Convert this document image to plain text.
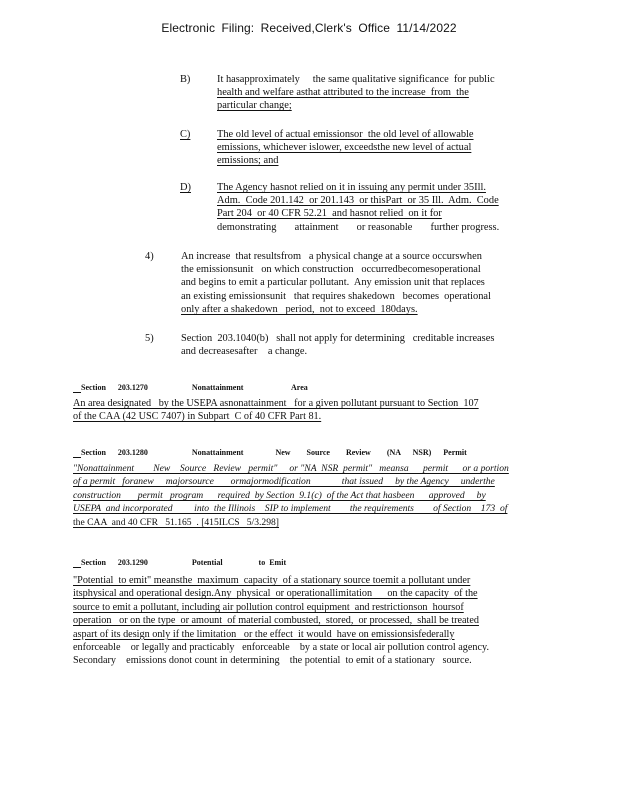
Electronic Filing: Received,Clerk's Office 11/14/2022
B)	It hasapproximately     the same qualitative significance  for public
health and welfare asthat attributed to the increase  from  the
particular change;
C)	The old level of actual emissionsor  the old level of allowable
emissions, whichever islower, exceedsthe new level of actual
emissions; and
D)	The Agency hasnot relied on it in issuing any permit under 35Ill.
Adm.  Code 201.142  or 201.143  or thisPart  or 35 Ill.  Adm.  Code
Part 204  or 40 CFR 52.21  and hasnot relied  on it for
demonstrating       attainment       or reasonable       further progress.
4)	An increase  that resultsfrom   a physical change at a source occurswhen
the emissionsunit   on which construction   occurredbecomesoperational
and begins to emit a particular pollutant.  Any emission unit that replaces
an existing emissionsunit   that requires shakedown   becomes  operational
only after a shakedown   period,  not to exceed  180days.
5)	Section  203.1040(b)   shall not apply for determining   creditable increases
and decreasesafter    a change.

Section   203.1270	Nonattainment            Area

An area designated   by the USEPA asnonattainment   for a given pollutant pursuant to Section  107
of the CAA (42 USC 7407) in Subpart  C of 40 CFR Part 81.

Section   203.1280	Nonattainment        New    Source    Review    (NA   NSR)   Permit

"Nonattainment        New    Source   Review   permit"     or "NA  NSR  permit"   meansa      permit      or a portion
of a permit   foranew     majorsource       ormajormodification             that issued     by the Agency     underthe
construction       permit   program      required  by Section  9.1(c)  of the Act that hasbeen      approved     by
USEPA  and incorporated         into  the Illinois    SIP to implement        the requirements        of Section    173  of
the CAA  and 40 CFR   51.165  . [415ILCS   5/3.298]

Section   203.1290	Potential         to Emit

"Potential  to emit" meansthe  maximum  capacity  of a stationary source toemit a pollutant under
itsphysical and operational design.Any  physical  or operationallimitation      on the capacity  of the
source to emit a pollutant, including air pollution control equipment  and restrictionson  hoursof
operation   or on the type  or amount  of material combusted,  stored,  or processed,  shall be treated
aspart of its design only if the limitation   or the effect  it would  have on emissionsisfederally
enforceable    or legally and practicably   enforceable    by a state or local air pollution control agency.
Secondary    emissions donot count in determining    the potential  to emit of a stationary   source.
